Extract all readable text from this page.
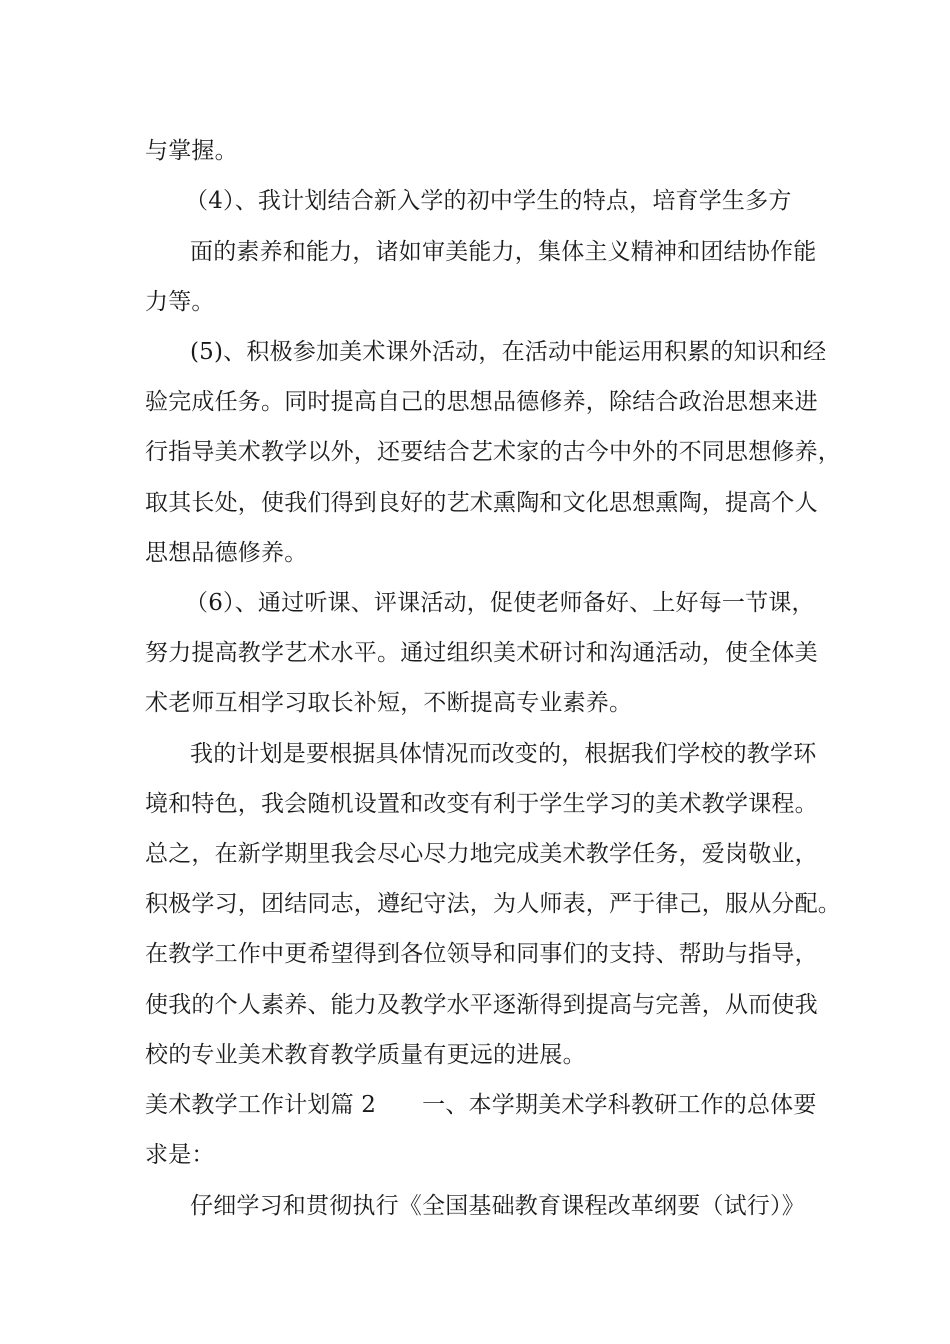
与掌握。
（4）、我计划结合新入学的初中学生的特点，培育学生多方
面的素养和能力，诸如审美能力，集体主义精神和团结协作能
力等。
(5)、积极参加美术课外活动，在活动中能运用积累的知识和经
验完成任务。同时提高自己的思想品德修养，除结合政治思想来进
行指导美术教学以外，还要结合艺术家的古今中外的不同思想修养，
取其长处，使我们得到良好的艺术熏陶和文化思想熏陶，提高个人
思想品德修养。
（6）、通过听课、评课活动，促使老师备好、上好每一节课，
努力提高教学艺术水平。通过组织美术研讨和沟通活动，使全体美
术老师互相学习取长补短，不断提高专业素养。
我的计划是要根据具体情况而改变的，根据我们学校的教学环
境和特色，我会随机设置和改变有利于学生学习的美术教学课程。
总之，在新学期里我会尽心尽力地完成美术教学任务，爱岗敬业，
积极学习，团结同志，遵纪守法，为人师表，严于律己，服从分配。
在教学工作中更希望得到各位领导和同事们的支持、帮助与指导，
使我的个人素养、能力及教学水平逐渐得到提高与完善，从而使我
校的专业美术教育教学质量有更远的进展。
美术教学工作计划篇 2 一、本学期美术学科教研工作的总体要
求是：
仔细学习和贯彻执行《全国基础教育课程改革纲要（试行）》
